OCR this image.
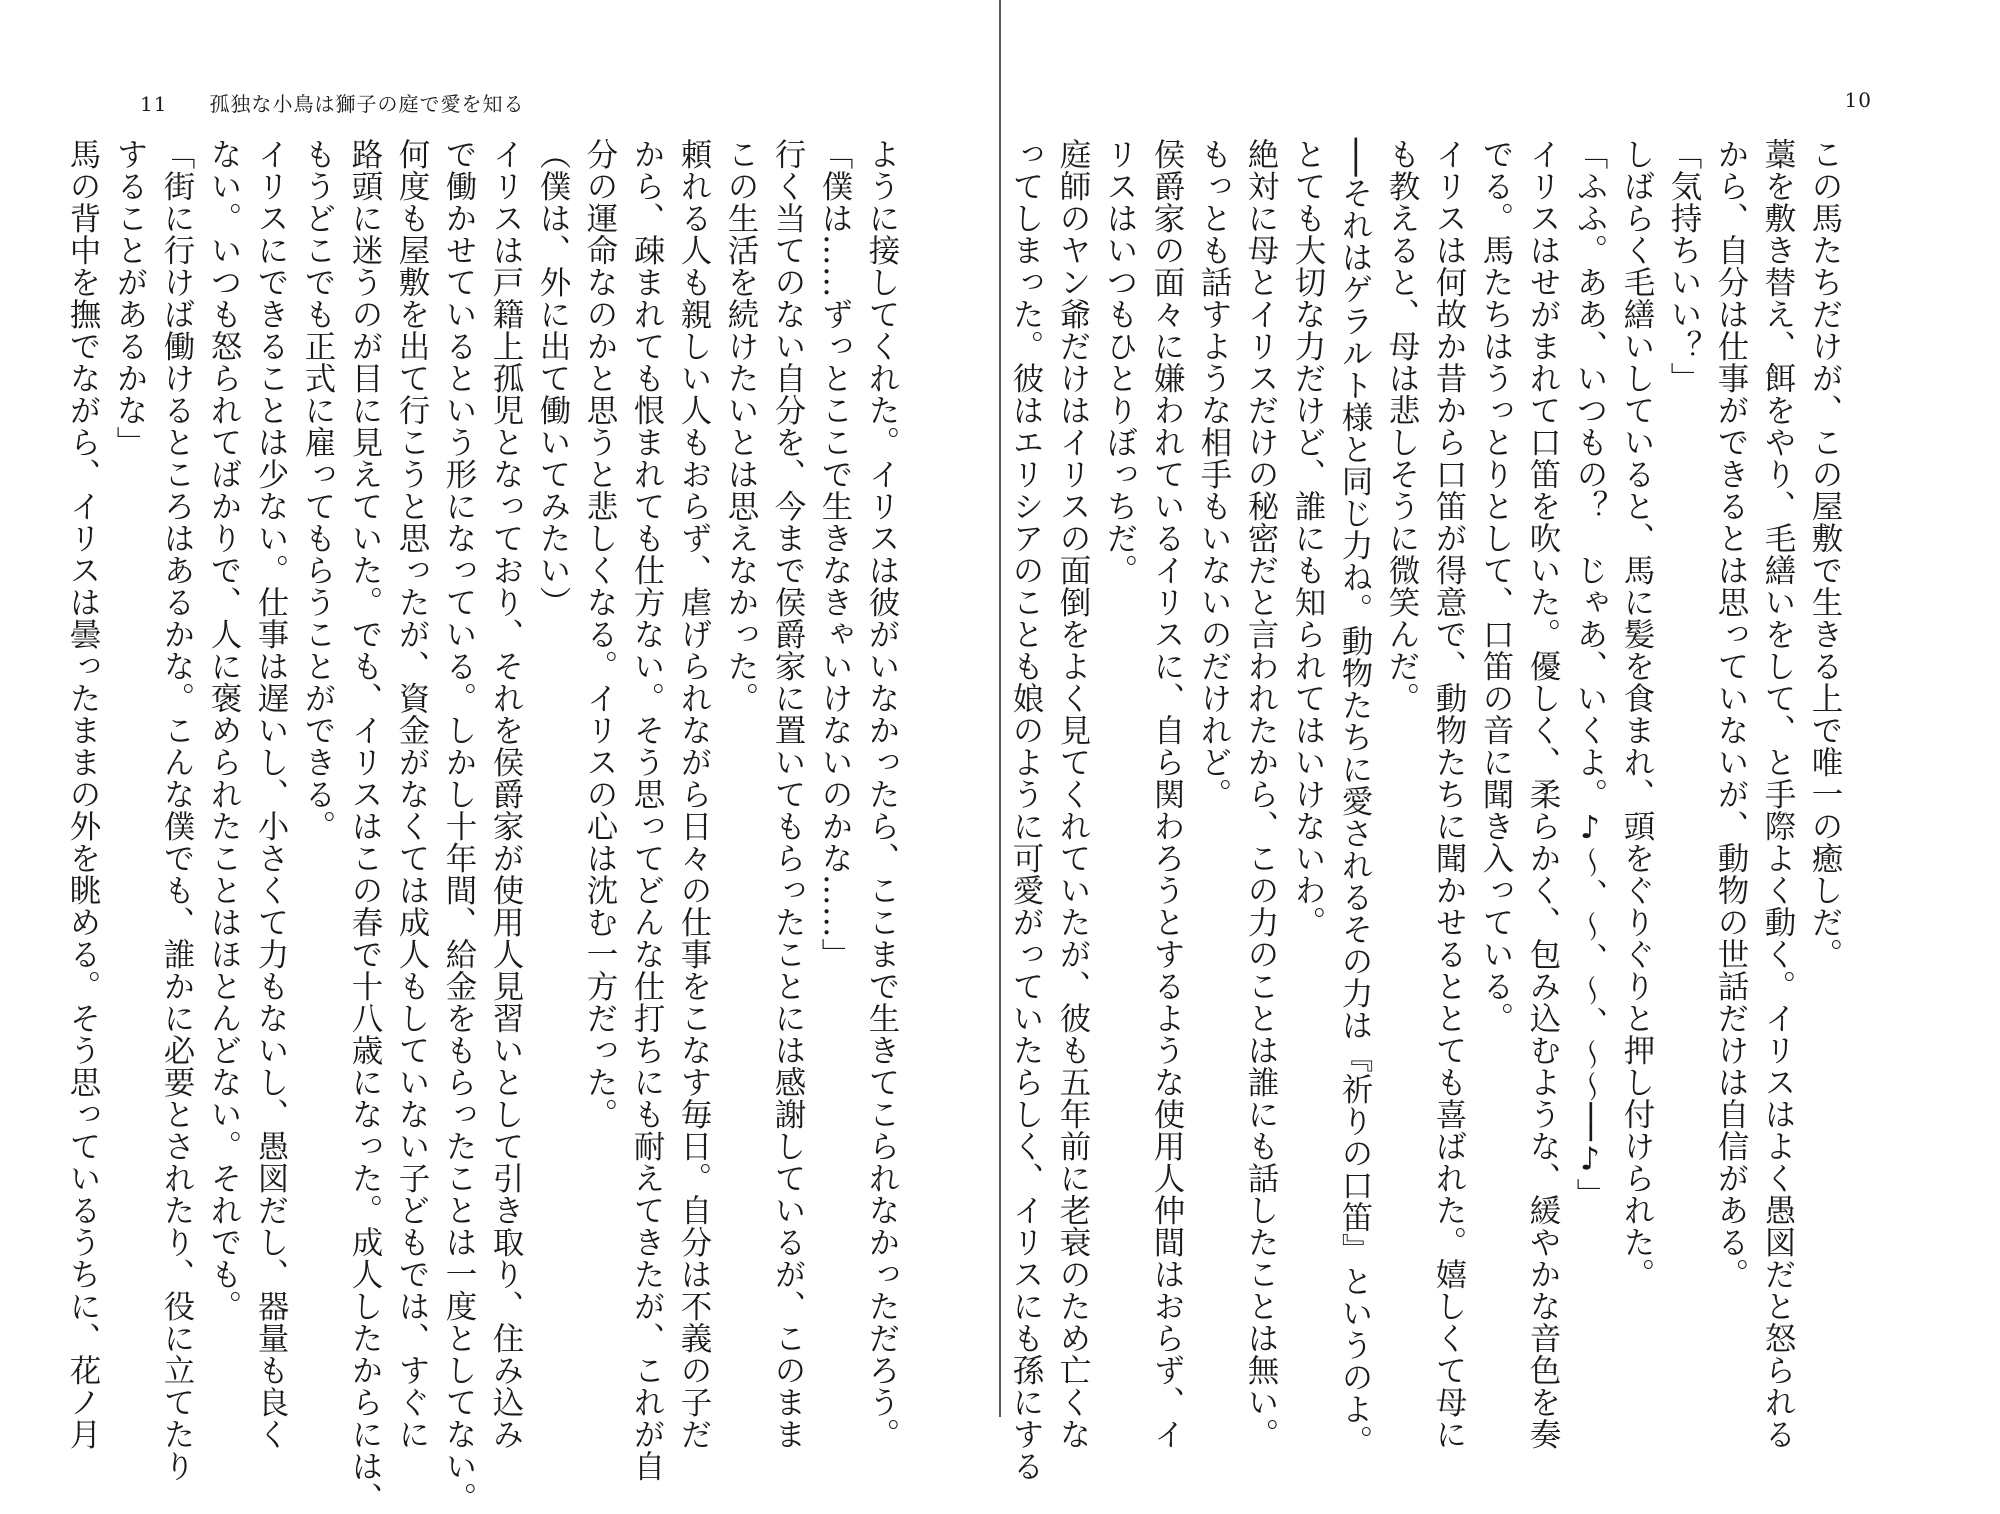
11 孤独な小鳥は獅子の庭で愛を知る
ように接してくれた。イリスは彼がいなかったら、ここまで生きてこられなかっただろう。
「僕は……ずっとここで生きなきゃいけないのかな……」
行く当てのない自分を、今まで侯爵家に置いてもらったことには感謝しているが、このまま
この生活を続けたいとは思えなかった。
頼れる人も親しい人もおらず、虐げられながら日々の仕事をこなす毎日。自分は不義の子だ
から、疎まれても恨まれても仕方ない。そう思ってどんな仕打ちにも耐えてきたが、これが自
分の運命なのかと思うと悲しくなる。イリスの心は沈む一方だった。
（僕は、外に出て働いてみたい）
イリスは戸籍上孤児となっており、それを侯爵家が使用人見習いとして引き取り、住み込み
で働かせているという形になっている。しかし十年間、給金をもらったことは一度としてない。
何度も屋敷を出て行こうと思ったが、資金がなくては成人もしていない子どもでは、すぐに
路頭に迷うのが目に見えていた。でも、イリスはこの春で十八歳になった。成人したからには、
もうどこでも正式に雇ってもらうことができる。
イリスにできることは少ない。仕事は遅いし、小さくて力もないし、愚図だし、器量も良く
ない。いつも怒られてばかりで、人に褒められたことはほとんどない。それでも。
「街に行けば働けるところはあるかな。こんな僕でも、誰かに必要とされたり、役に立てたり
することがあるかな」
馬の背中を撫でながら、イリスは曇ったままの外を眺める。そう思っているうちに、花ノ月
10
この馬たちだけが、この屋敷で生きる上で唯一の癒しだ。
藁を敷き替え、餌をやり、毛繕いをして、と手際よく動く。イリスはよく愚図だと怒られる
から、自分は仕事ができるとは思っていないが、動物の世話だけは自信がある。
「気持ちいい？」
しばらく毛繕いしていると、馬に髪を食まれ、頭をぐりぐりと押し付けられた。
「ふふ。ああ、いつもの？　じゃあ、いくよ。♪〜、〜、〜、〜〜──♪」
イリスはせがまれて口笛を吹いた。優しく、柔らかく、包み込むような、緩やかな音色を奏
でる。馬たちはうっとりとして、口笛の音に聞き入っている。
イリスは何故か昔から口笛が得意で、動物たちに聞かせるととても喜ばれた。嬉しくて母に
も教えると、母は悲しそうに微笑んだ。
──それはゲラルト様と同じ力ね。動物たちに愛されるその力は『祈りの口笛』というのよ。
とても大切な力だけど、誰にも知られてはいけないわ。
絶対に母とイリスだけの秘密だと言われたから、この力のことは誰にも話したことは無い。
もっとも話すような相手もいないのだけれど。
侯爵家の面々に嫌われているイリスに、自ら関わろうとするような使用人仲間はおらず、イ
リスはいつもひとりぼっちだ。
庭師のヤン爺だけはイリスの面倒をよく見てくれていたが、彼も五年前に老衰のため亡くな
ってしまった。彼はエリシアのことも娘のように可愛がっていたらしく、イリスにも孫にする
